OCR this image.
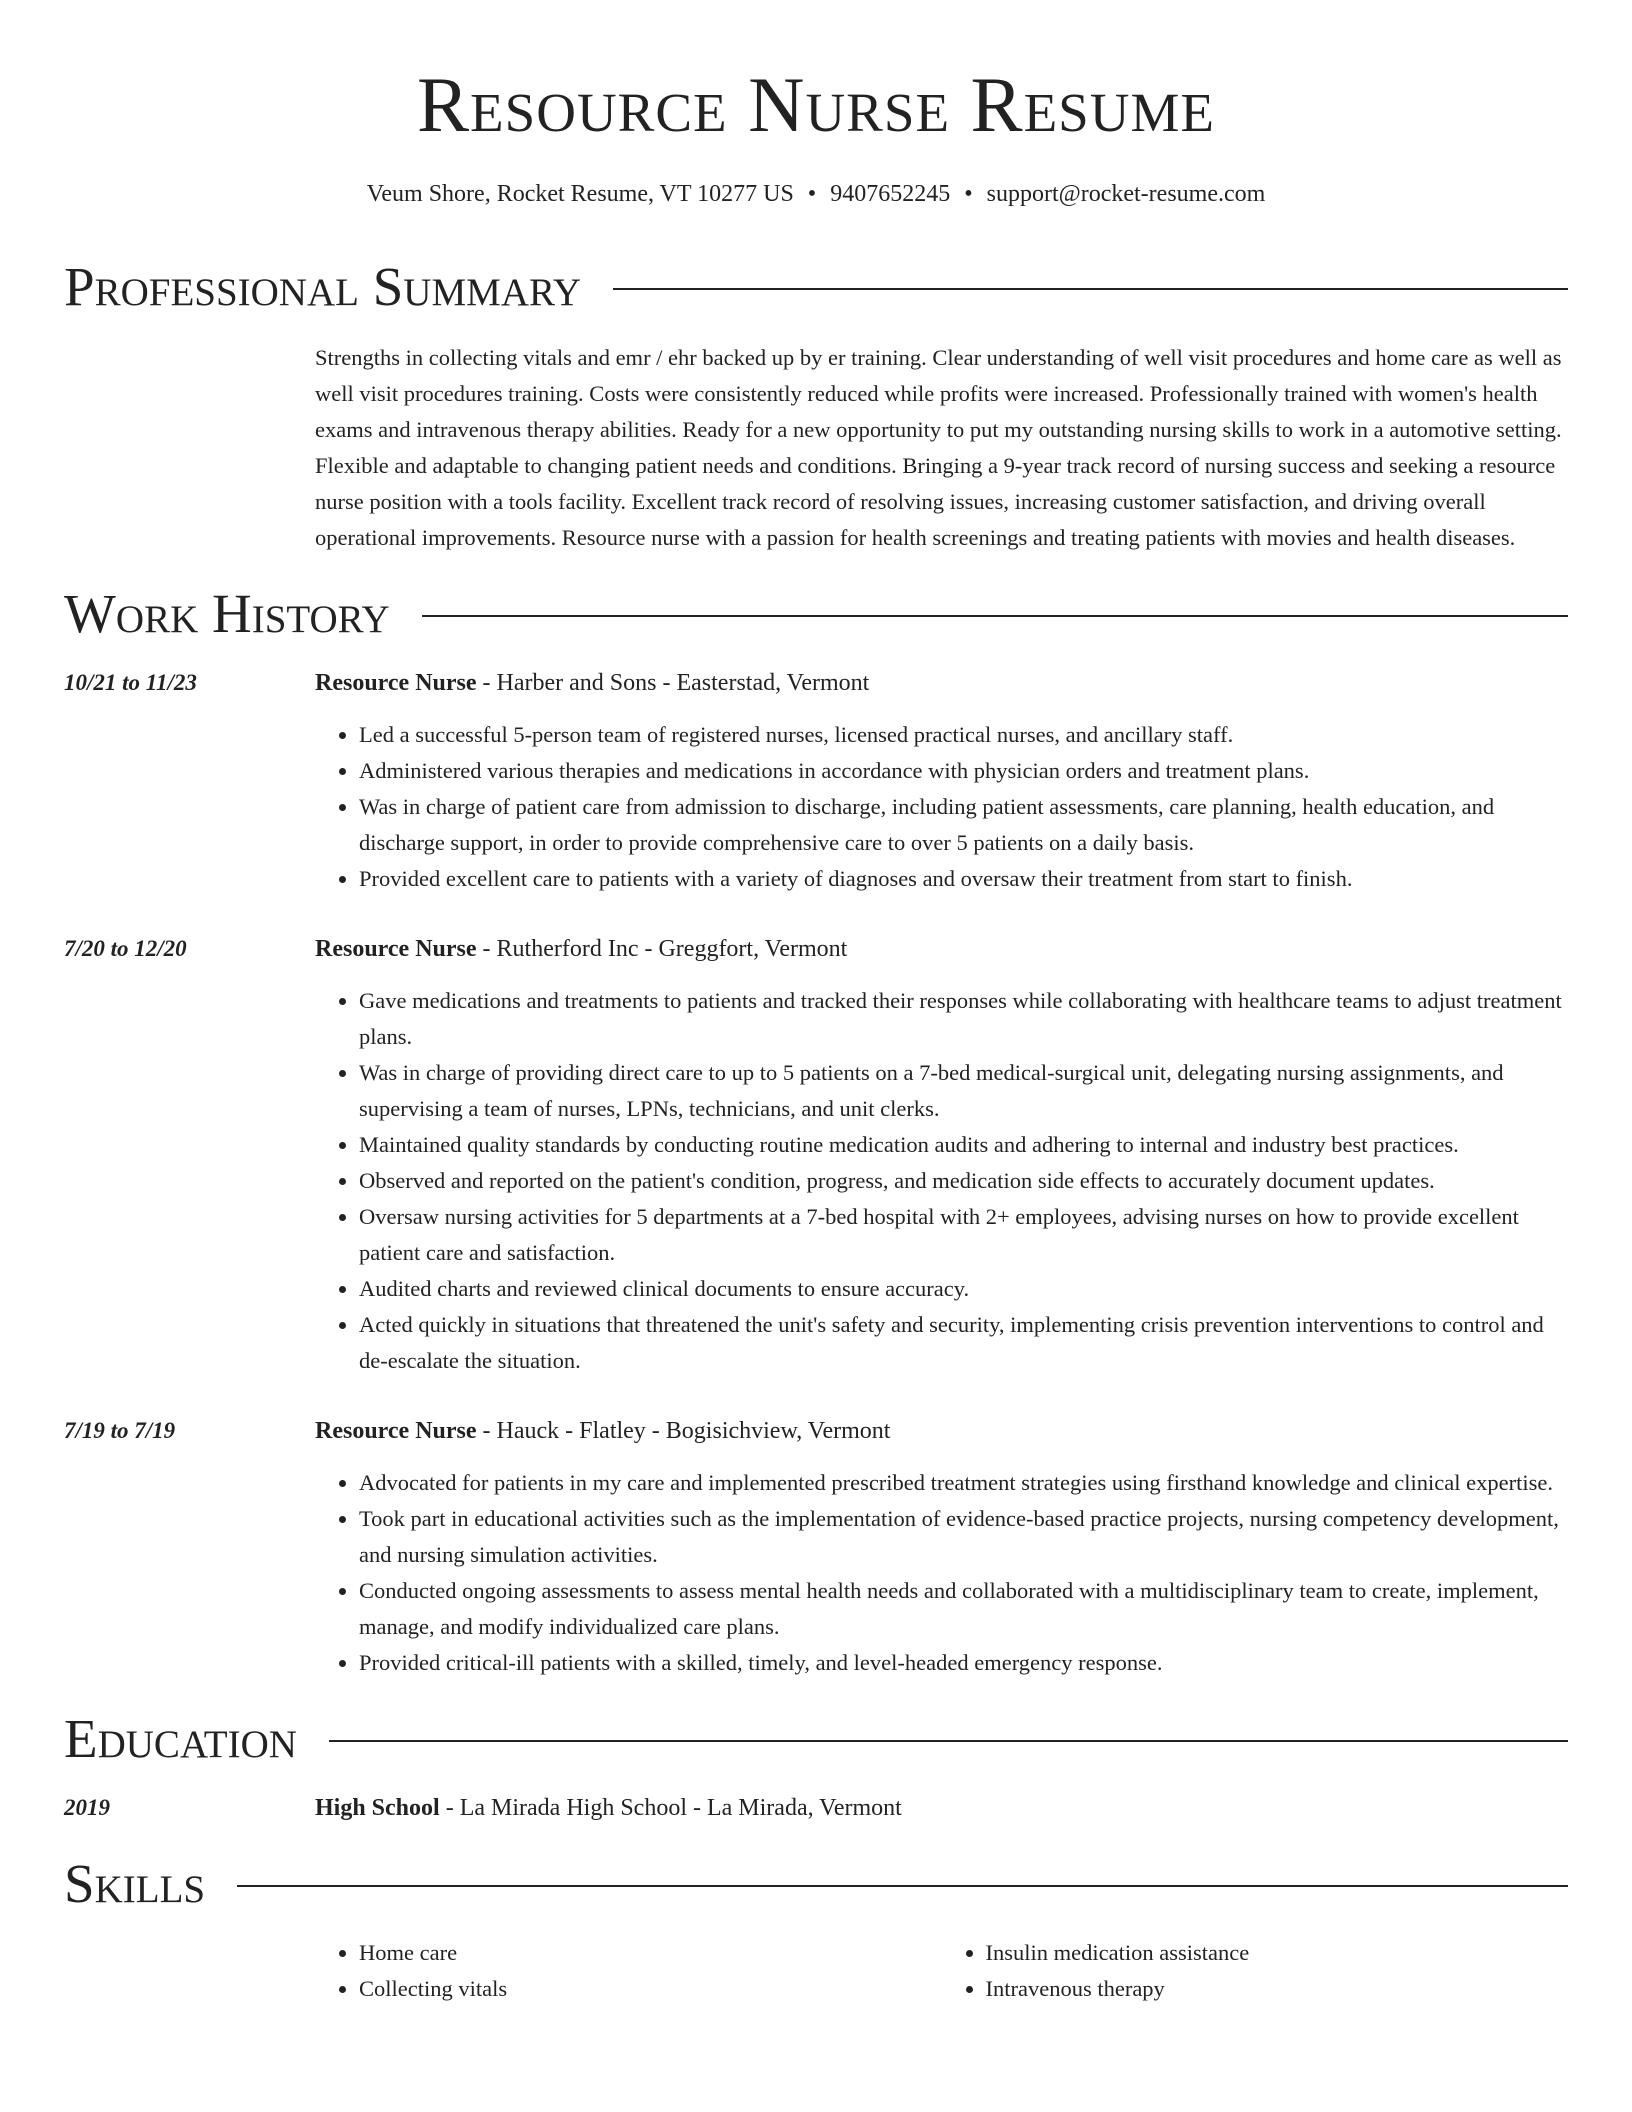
Resource Nurse Resume
Veum Shore, Rocket Resume, VT 10277 US • 9407652245 • support@rocket-resume.com
Professional Summary
Strengths in collecting vitals and emr / ehr backed up by er training. Clear understanding of well visit procedures and home care as well as well visit procedures training. Costs were consistently reduced while profits were increased. Professionally trained with women's health exams and intravenous therapy abilities. Ready for a new opportunity to put my outstanding nursing skills to work in a automotive setting. Flexible and adaptable to changing patient needs and conditions. Bringing a 9-year track record of nursing success and seeking a resource nurse position with a tools facility. Excellent track record of resolving issues, increasing customer satisfaction, and driving overall operational improvements. Resource nurse with a passion for health screenings and treating patients with movies and health diseases.
Work History
10/21 to 11/23	Resource Nurse - Harber and Sons - Easterstad, Vermont
• Led a successful 5-person team of registered nurses, licensed practical nurses, and ancillary staff.
• Administered various therapies and medications in accordance with physician orders and treatment plans.
• Was in charge of patient care from admission to discharge, including patient assessments, care planning, health education, and discharge support, in order to provide comprehensive care to over 5 patients on a daily basis.
• Provided excellent care to patients with a variety of diagnoses and oversaw their treatment from start to finish.
7/20 to 12/20	Resource Nurse - Rutherford Inc - Greggfort, Vermont
• Gave medications and treatments to patients and tracked their responses while collaborating with healthcare teams to adjust treatment plans.
• Was in charge of providing direct care to up to 5 patients on a 7-bed medical-surgical unit, delegating nursing assignments, and supervising a team of nurses, LPNs, technicians, and unit clerks.
• Maintained quality standards by conducting routine medication audits and adhering to internal and industry best practices.
• Observed and reported on the patient's condition, progress, and medication side effects to accurately document updates.
• Oversaw nursing activities for 5 departments at a 7-bed hospital with 2+ employees, advising nurses on how to provide excellent patient care and satisfaction.
• Audited charts and reviewed clinical documents to ensure accuracy.
• Acted quickly in situations that threatened the unit's safety and security, implementing crisis prevention interventions to control and de-escalate the situation.
7/19 to 7/19	Resource Nurse - Hauck - Flatley - Bogisichview, Vermont
• Advocated for patients in my care and implemented prescribed treatment strategies using firsthand knowledge and clinical expertise.
• Took part in educational activities such as the implementation of evidence-based practice projects, nursing competency development, and nursing simulation activities.
• Conducted ongoing assessments to assess mental health needs and collaborated with a multidisciplinary team to create, implement, manage, and modify individualized care plans.
• Provided critical-ill patients with a skilled, timely, and level-headed emergency response.
Education
2019	High School - La Mirada High School - La Mirada, Vermont
Skills
• Home care
• Collecting vitals
• Insulin medication assistance
• Intravenous therapy
